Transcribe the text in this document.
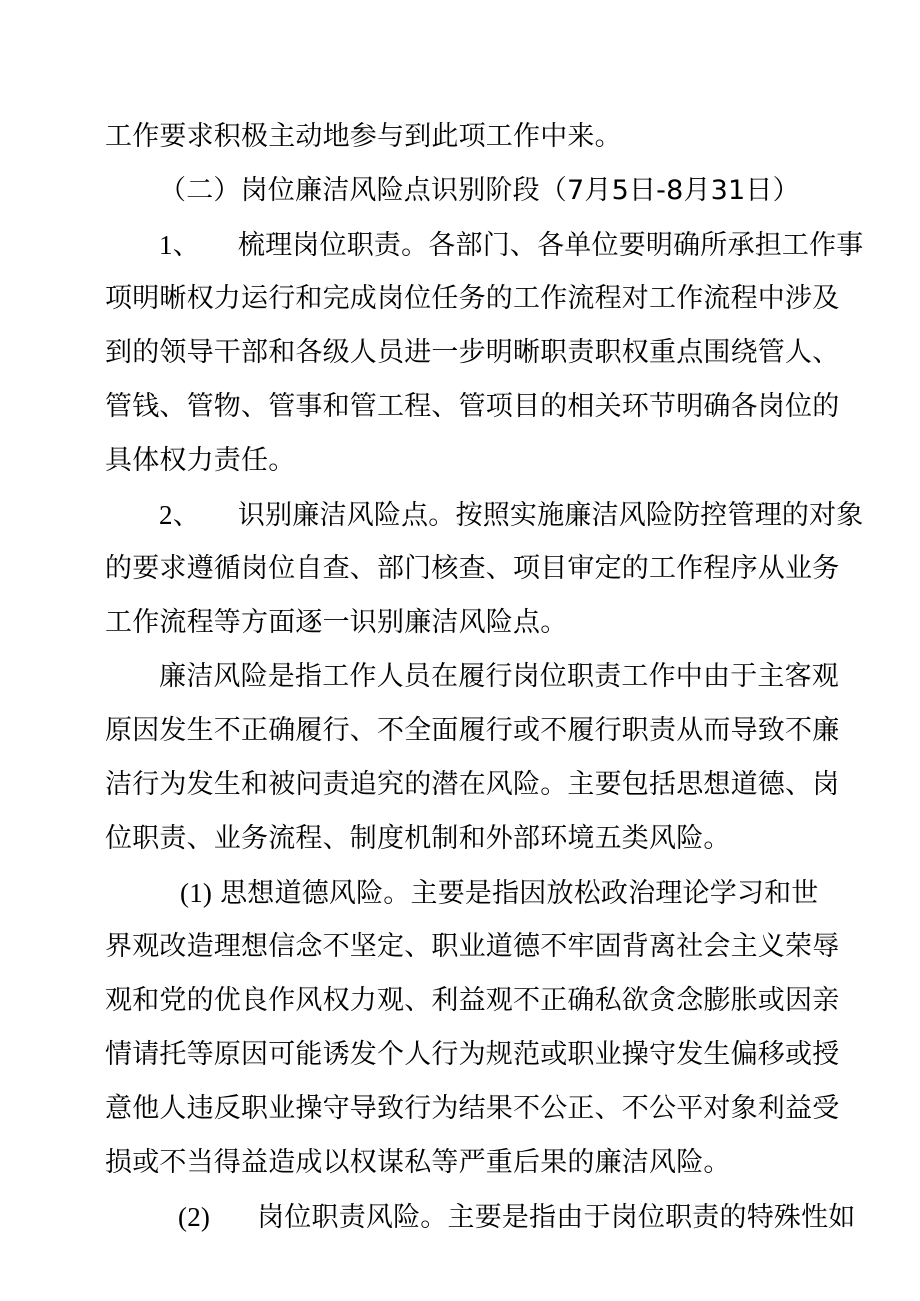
工作要求积极主动地参与到此项工作中来。
（二）岗位廉洁风险点识别阶段（7月5日-8月31日）
1、 梳理岗位职责。各部门、各单位要明确所承担工作事
项明晰权力运行和完成岗位任务的工作流程对工作流程中涉及
到的领导干部和各级人员进一步明晰职责职权重点围绕管人、
管钱、管物、管事和管工程、管项目的相关环节明确各岗位的
具体权力责任。
2、 识别廉洁风险点。按照实施廉洁风险防控管理的对象
的要求遵循岗位自查、部门核查、项目审定的工作程序从业务
工作流程等方面逐一识别廉洁风险点。
廉洁风险是指工作人员在履行岗位职责工作中由于主客观
原因发生不正确履行、不全面履行或不履行职责从而导致不廉
洁行为发生和被问责追究的潜在风险。主要包括思想道德、岗
位职责、业务流程、制度机制和外部环境五类风险。
(1) 思想道德风险。主要是指因放松政治理论学习和世
界观改造理想信念不坚定、职业道德不牢固背离社会主义荣辱
观和党的优良作风权力观、利益观不正确私欲贪念膨胀或因亲
情请托等原因可能诱发个人行为规范或职业操守发生偏移或授
意他人违反职业操守导致行为结果不公正、不公平对象利益受
损或不当得益造成以权谋私等严重后果的廉洁风险。
(2) 岗位职责风险。主要是指由于岗位职责的特殊性如
